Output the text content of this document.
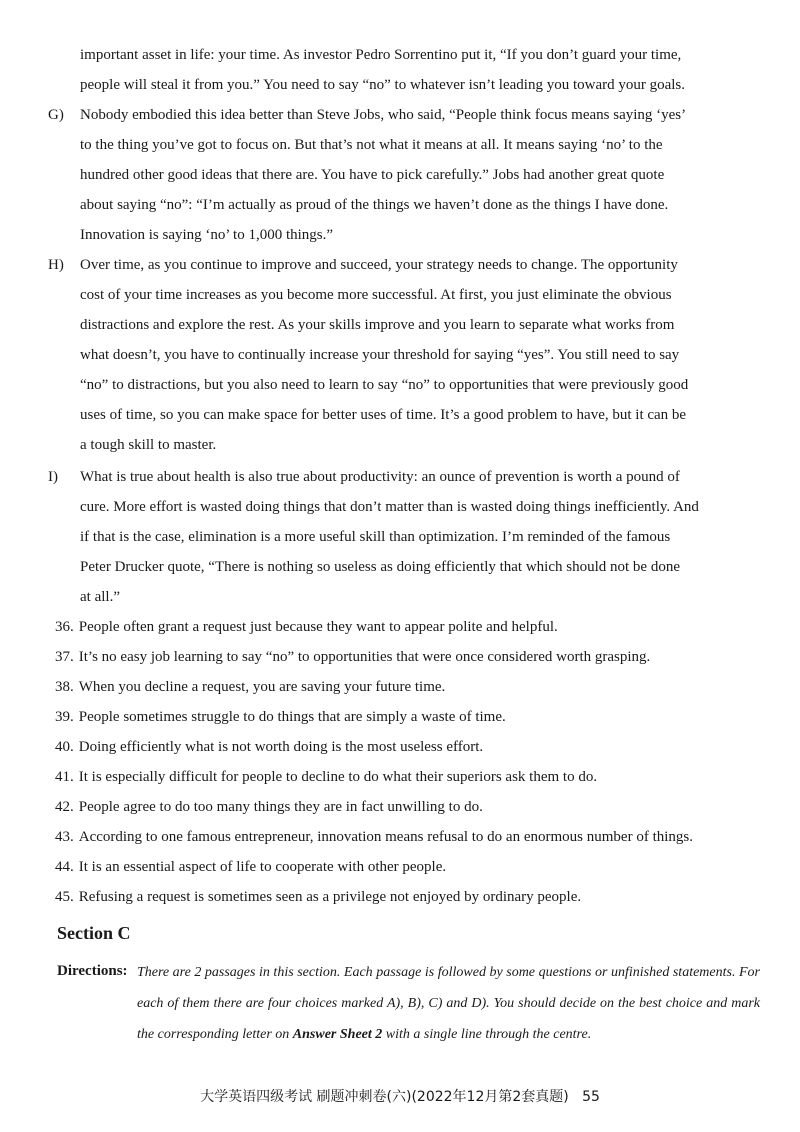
important asset in life: your time. As investor Pedro Sorrentino put it, “If you don’t guard your time,
people will steal it from you.” You need to say “no” to whatever isn’t leading you toward your goals.
G) Nobody embodied this idea better than Steve Jobs, who said, “People think focus means saying ‘yes’
to the thing you’ve got to focus on. But that’s not what it means at all. It means saying ‘no’ to the
hundred other good ideas that there are. You have to pick carefully.” Jobs had another great quote
about saying “no”: “I’m actually as proud of the things we haven’t done as the things I have done.
Innovation is saying ‘no’ to 1,000 things.”
H) Over time, as you continue to improve and succeed, your strategy needs to change. The opportunity
cost of your time increases as you become more successful. At first, you just eliminate the obvious
distractions and explore the rest. As your skills improve and you learn to separate what works from
what doesn’t, you have to continually increase your threshold for saying “yes”. You still need to say
“no” to distractions, but you also need to learn to say “no” to opportunities that were previously good
uses of time, so you can make space for better uses of time. It’s a good problem to have, but it can be
a tough skill to master.
I) What is true about health is also true about productivity: an ounce of prevention is worth a pound of
cure. More effort is wasted doing things that don’t matter than is wasted doing things inefficiently. And
if that is the case, elimination is a more useful skill than optimization. I’m reminded of the famous
Peter Drucker quote, “There is nothing so useless as doing efficiently that which should not be done
at all.”
36. People often grant a request just because they want to appear polite and helpful.
37. It’s no easy job learning to say “no” to opportunities that were once considered worth grasping.
38. When you decline a request, you are saving your future time.
39. People sometimes struggle to do things that are simply a waste of time.
40. Doing efficiently what is not worth doing is the most useless effort.
41. It is especially difficult for people to decline to do what their superiors ask them to do.
42. People agree to do too many things they are in fact unwilling to do.
43. According to one famous entrepreneur, innovation means refusal to do an enormous number of things.
44. It is an essential aspect of life to cooperate with other people.
45. Refusing a request is sometimes seen as a privilege not enjoyed by ordinary people.
Section C
Directions: There are 2 passages in this section. Each passage is followed by some questions or unfinished statements. For each of them there are four choices marked A), B), C) and D). You should decide on the best choice and mark the corresponding letter on Answer Sheet 2 with a single line through the centre.
大学英语四级考试 刷题冲刺卷(六)(2022年12月第2套真题) 55
